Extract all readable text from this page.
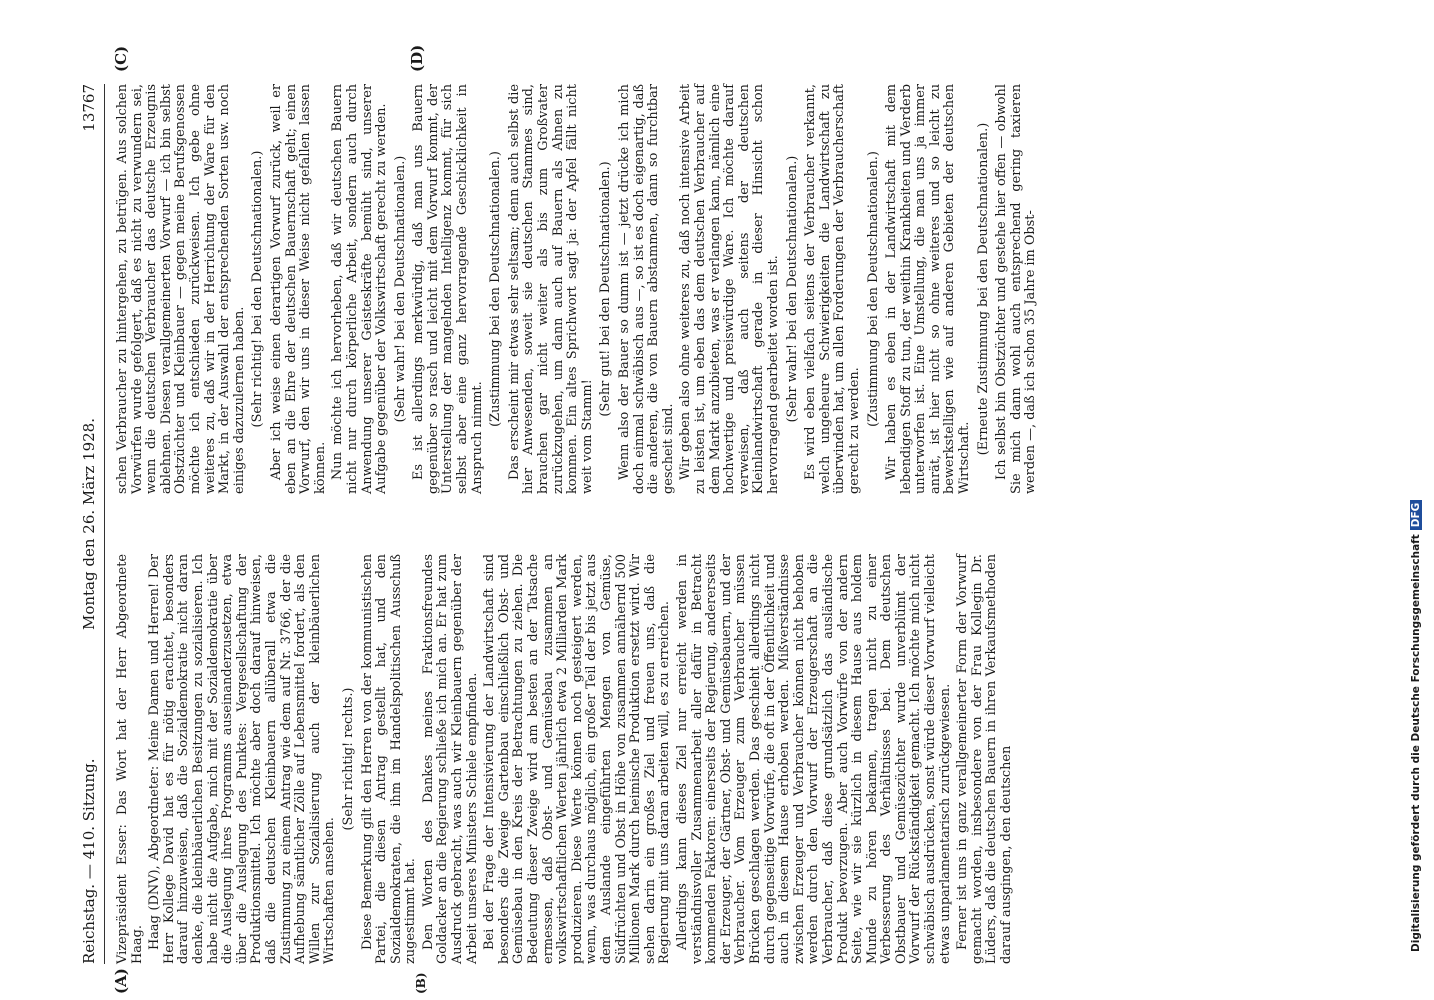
Reichstag. — 410. Sitzung.
Montag den 26. März 1928.
13767
(A)	(B)
(C)	(D)

Vizepräsident Esser: Das Wort hat der Herr Abgeordnete Haag. Haag (DNV), Abgeordneter: Meine Damen und Herren! Der Herr Kollege David hat es für nötig erachtet, besonders darauf hinzuweisen, daß die Sozialdemokratie nicht daran denke, die kleinbäuerlichen Besitzungen zu sozialisieren. Ich habe nicht die Aufgabe, mich mit der Sozialdemokratie über die Auslegung ihres Programms auseinanderzusetzen, etwa über die Auslegung des Punktes: Vergesellschaftung der Produktionsmittel. Ich möchte aber doch darauf hinweisen, daß die deutschen Kleinbauern allüberall etwa die Zustimmung zu einem Antrag wie dem auf Nr. 3766, der die Aufhebung sämtlicher Zölle auf Lebensmittel fordert, als den Willen zur Sozialisierung auch der kleinbäuerlichen Wirtschaften ansehen.

(Sehr richtig! rechts.) Diese Bemerkung gilt den Herren von der kommunistischen Partei, die diesen Antrag gestellt hat, und den Sozialdemokraten, die ihm im Handelspolitischen Ausschuß zugestimmt hat. Den Worten des Dankes meines Fraktionsfreundes Goldacker an die Regierung schließe ich mich an. Er hat zum Ausdruck gebracht, was auch wir Kleinbauern gegenüber der Arbeit unseres Ministers Schiele empfinden. Bei der Frage der Intensivierung der Landwirtschaft sind besonders die Zweige Gartenbau einschließlich Obst- und Gemüsebau in den Kreis der Betrachtungen zu ziehen. Die Bedeutung dieser Zweige wird am besten an der Tatsache ermessen, daß Obst- und Gemüsebau zusammen an volkswirtschaftlichen Werten jährlich etwa 2 Milliarden Mark produzieren. Diese Werte können noch gesteigert werden, wenn, was durchaus möglich, ein großer Teil der bis jetzt aus dem Auslande eingeführten Mengen von Gemüse, Südfrüchten und Obst in Höhe von zusammen annähernd 500 Millionen Mark durch heimische Produktion ersetzt wird. Wir sehen darin ein großes Ziel und freuen uns, daß die Regierung mit uns daran arbeiten will, es zu erreichen. Allerdings kann dieses Ziel nur erreicht werden in verständnisvoller Zusammenarbeit aller dafür in Betracht kommenden Faktoren: einerseits der Regierung, andererseits der Erzeuger, der Gärtner, Obst- und Gemüsebauern, und der Verbraucher. Vom Erzeuger zum Verbraucher müssen Brücken geschlagen werden. Das geschieht allerdings nicht durch gegenseitige Vorwürfe, die oft in der Öffentlichkeit und auch in diesem Hause erhoben werden. Mißverständnisse zwischen Erzeuger und Verbraucher können nicht behoben werden durch den Vorwurf der Erzeugerschaft an die Verbraucher, daß diese grundsätzlich das ausländische Produkt bevorzugen. Aber auch Vorwürfe von der andern Seite, wie wir sie kürzlich in diesem Hause aus holdem Munde zu hören bekamen, tragen nicht zu einer Verbesserung des Verhältnisses bei. Dem deutschen Obstbauer und Gemüsezüchter wurde unverblümt der Vorwurf der Rückständigkeit gemacht. Ich möchte mich nicht schwäbisch ausdrücken, sonst würde dieser Vorwurf vielleicht etwas unparlamentarisch zurückgewiesen. Ferner ist uns in ganz verallgemeinerter Form der Vorwurf gemacht worden, insbesondere von der Frau Kollegin Dr. Lüders, daß die deutschen Bauern in ihren Verkaufsmethoden darauf ausgingen, den deutschen

schen Verbraucher zu hintergehen, zu betrügen. Aus solchen Vorwürfen wurde gefolgert, daß es nicht zu verwundern sei, wenn die deutschen Verbraucher das deutsche Erzeugnis ablehnen. Diesen verallgemeinerten Vorwurf — ich bin selbst Obstzüchter und Kleinbauer — gegen meine Berufsgenossen möchte ich entschieden zurückweisen. Ich gebe ohne weiteres zu, daß wir in der Herrichtung der Ware für den Markt, in der Auswahl der entsprechenden Sorten usw. noch einiges dazuzulernen haben. (Sehr richtig! bei den Deutschnationalen.) Aber ich weise einen derartigen Vorwurf zurück, weil er eben an die Ehre der deutschen Bauernschaft geht; einen Vorwurf, den wir uns in dieser Weise nicht gefallen lassen können. Nun möchte ich hervorheben, daß wir deutschen Bauern nicht nur durch körperliche Arbeit, sondern auch durch Anwendung unserer Geisteskräfte bemüht sind, unserer Aufgabe gegenüber der Volkswirtschaft gerecht zu werden. (Sehr wahr! bei den Deutschnationalen.) Es ist allerdings merkwürdig, daß man uns Bauern gegenüber so rasch und leicht mit dem Vorwurf kommt, der Unterstellung der mangelnden Intelligenz kommt, für sich selbst aber eine ganz hervorragende Geschicklichkeit in Anspruch nimmt.

(Zustimmung bei den Deutschnationalen.) Das erscheint mir etwas sehr seltsam; denn auch selbst die hier Anwesenden, soweit sie deutschen Stammes sind, brauchen gar nicht weiter als bis zum Großvater zurückzugehen, um dann auch auf Bauern als Ahnen zu kommen. Ein altes Sprichwort sagt ja: der Apfel fällt nicht weit vom Stamm!

(Sehr gut! bei den Deutschnationalen.) Wenn also der Bauer so dumm ist — jetzt drücke ich mich doch einmal schwäbisch aus —, so ist es doch eigenartig, daß die anderen, die von Bauern abstammen, dann so furchtbar gescheit sind. Wir geben also ohne weiteres zu, daß noch intensive Arbeit zu leisten ist, um eben das dem deutschen Verbraucher auf dem Markt anzubieten, was er verlangen kann, nämlich eine hochwertige und preiswürdige Ware. Ich möchte darauf verweisen, daß auch seitens der deutschen Kleinlandwirtschaft gerade in dieser Hinsicht schon hervorragend gearbeitet worden ist. (Sehr wahr! bei den Deutschnationalen.) Es wird eben vielfach seitens der Verbraucher verkannt, welch ungeheure Schwierigkeiten die Landwirtschaft zu überwinden hat, um allen Forderungen der Verbraucherschaft gerecht zu werden.

(Zustimmung bei den Deutschnationalen.) Wir haben es eben in der Landwirtschaft mit dem lebendigen Stoff zu tun, der weithin Krankheiten und Verderb unterworfen ist. Eine Umstellung, die man uns ja immer anrät, ist hier nicht so ohne weiteres und so leicht zu bewerkstelligen wie auf anderen Gebieten der deutschen Wirtschaft.

(Erneute Zustimmung bei den Deutschnationalen.) Ich selbst bin Obstzüchter und gestehe hier offen — obwohl Sie mich dann wohl auch entsprechend gering taxieren werden —, daß ich schon 35 Jahre im Obst-

Digitalisierung gefördert durch die Deutsche ForschungsgemeinschaftDFG
